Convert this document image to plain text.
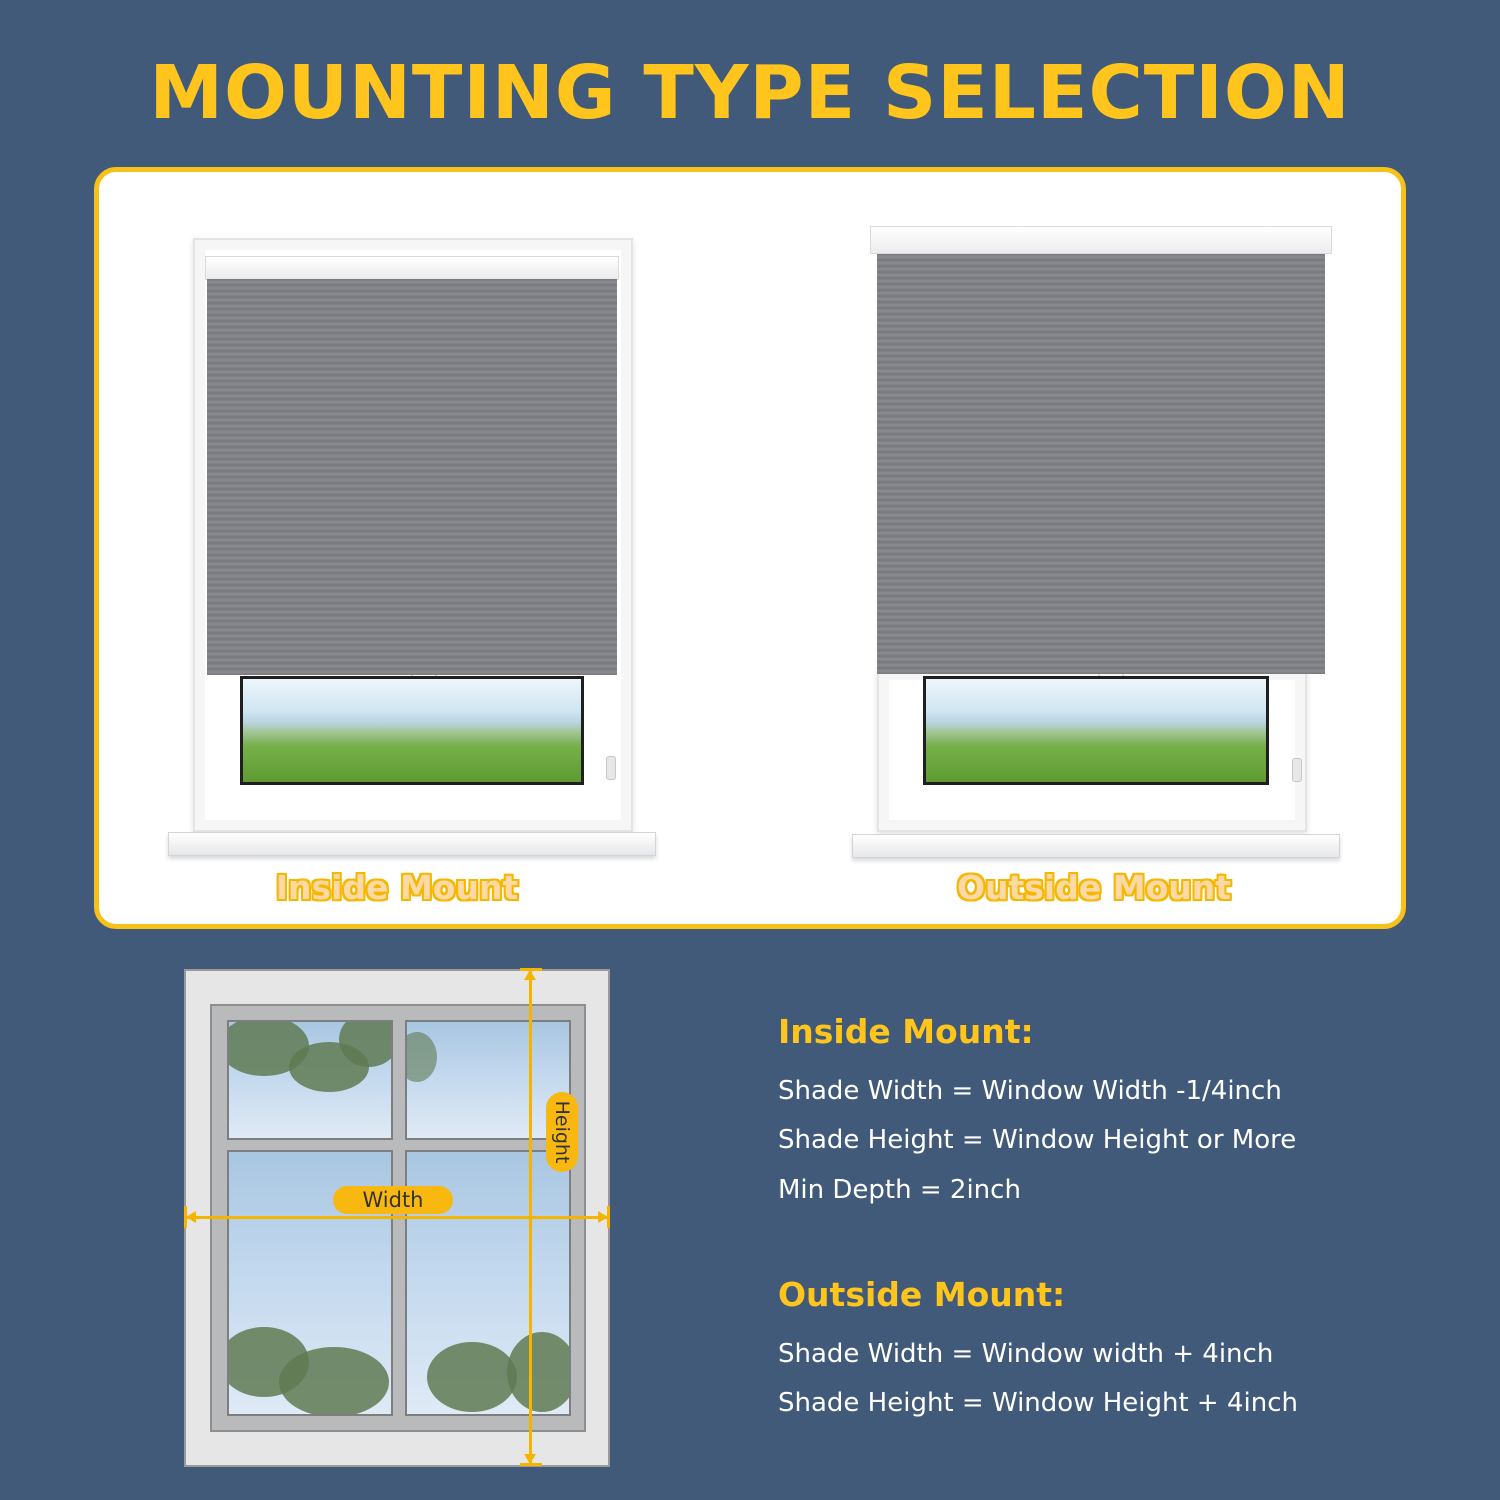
MOUNTING TYPE SELECTION
Inside Mount	Outside Mount
Width
Height
Inside Mount:
Shade Width = Window Width -1/4inch
Shade Height = Window Height or More
Min Depth = 2inch
Outside Mount:
Shade Width = Window width + 4inch
Shade Height = Window Height + 4inch
